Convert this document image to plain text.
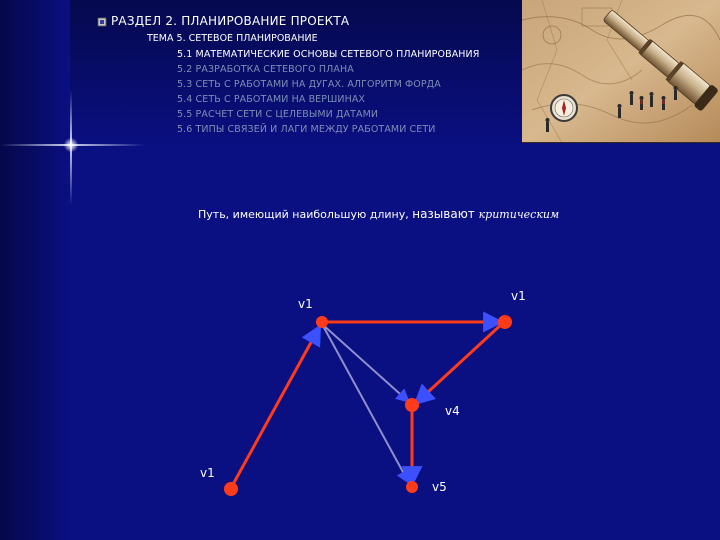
РАЗДЕЛ 2. ПЛАНИРОВАНИЕ ПРОЕКТА
ТЕМА 5. СЕТЕВОЕ ПЛАНИРОВАНИЕ
5.1 МАТЕМАТИЧЕСКИЕ ОСНОВЫ СЕТЕВОГО ПЛАНИРОВАНИЯ
5.2 РАЗРАБОТКА СЕТЕВОГО ПЛАНА
5.3 СЕТЬ С РАБОТАМИ НА ДУГАХ. АЛГОРИТМ ФОРДА
5.4 СЕТЬ С РАБОТАМИ НА ВЕРШИНАХ
5.5 РАСЧЕТ СЕТИ С ЦЕЛЕВЫМИ ДАТАМИ
5.6 ТИПЫ СВЯЗЕЙ И ЛАГИ МЕЖДУ РАБОТАМИ СЕТИ
Путь, имеющий наибольшую длину, называют критическим
v1
v1
v1
v4
v5
